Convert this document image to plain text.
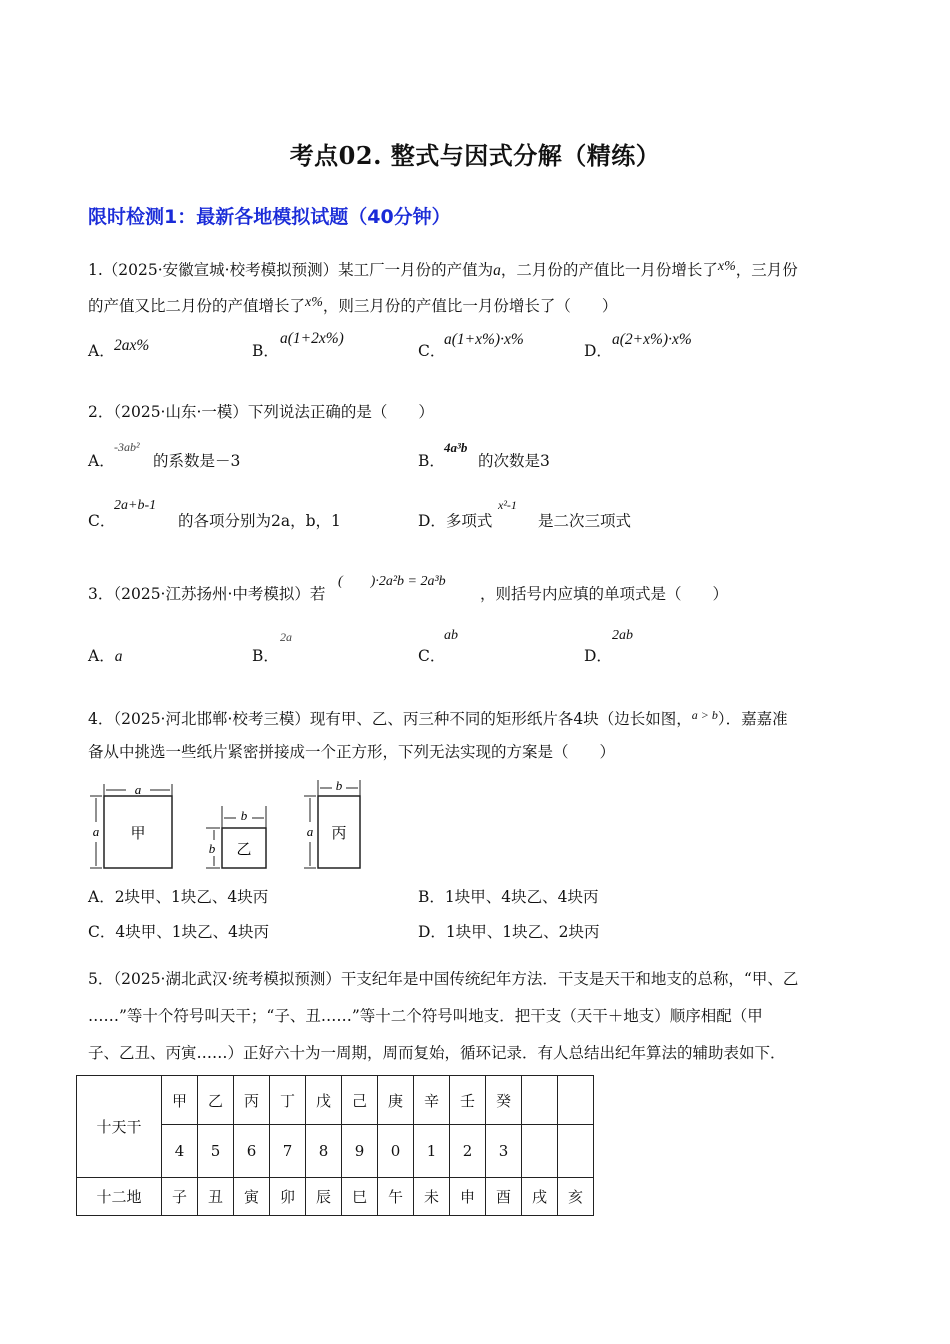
考点02. 整式与因式分解（精练）
限时检测1：最新各地模拟试题（40分钟）
1.（2025·安徽宣城·校考模拟预测）某工厂一月份的产值为a，二月份的产值比一月份增长了x%，三月份
的产值又比二月份的产值增长了x%，则三月份的产值比一月份增长了（　　）
A． 2ax%	B．
a(1+2x%)
C．
a(1+x%)·x%
D．
a(2+x%)·x%
2．（2025·山东·一模）下列说法正确的是（　　）
A．
-3ab²
的系数是－3	B．
4a³b
的次数是3
C．
2a+b-1
的各项分别为2a，b，1	D．多项式
x²-1
是二次三项式
3．（2025·江苏扬州·中考模拟）若
(　　)·2a²b = 2a³b
，则括号内应填的单项式是（　　）
A．a	B．
2a
C．
ab
D．
2ab
4．（2025·河北邯郸·校考三模）现有甲、乙、丙三种不同的矩形纸片各4块（边长如图，$^{a > b}$）．嘉嘉准
备从中挑选一些纸片紧密拼接成一个正方形，下列无法实现的方案是（　　）
a
a 甲
b
b 乙
b
a 丙
A．2块甲、1块乙、4块丙	B．1块甲、4块乙、4块丙
C．4块甲、1块乙、4块丙	D．1块甲、1块乙、2块丙
5．（2025·湖北武汉·统考模拟预测）干支纪年是中国传统纪年方法．干支是天干和地支的总称，“甲、乙
……”等十个符号叫天干；“子、丑……”等十二个符号叫地支．把干支（天干＋地支）顺序相配（甲
子、乙丑、丙寅……）正好六十为一周期，周而复始，循环记录．有人总结出纪年算法的辅助表如下．
十天干	甲	乙	丙	丁	戊	己	庚	辛	壬	癸		
	4	5	6	7	8	9	0	1	2	3		
十二地	子	丑	寅	卯	辰	巳	午	未	申	酉	戌	亥
